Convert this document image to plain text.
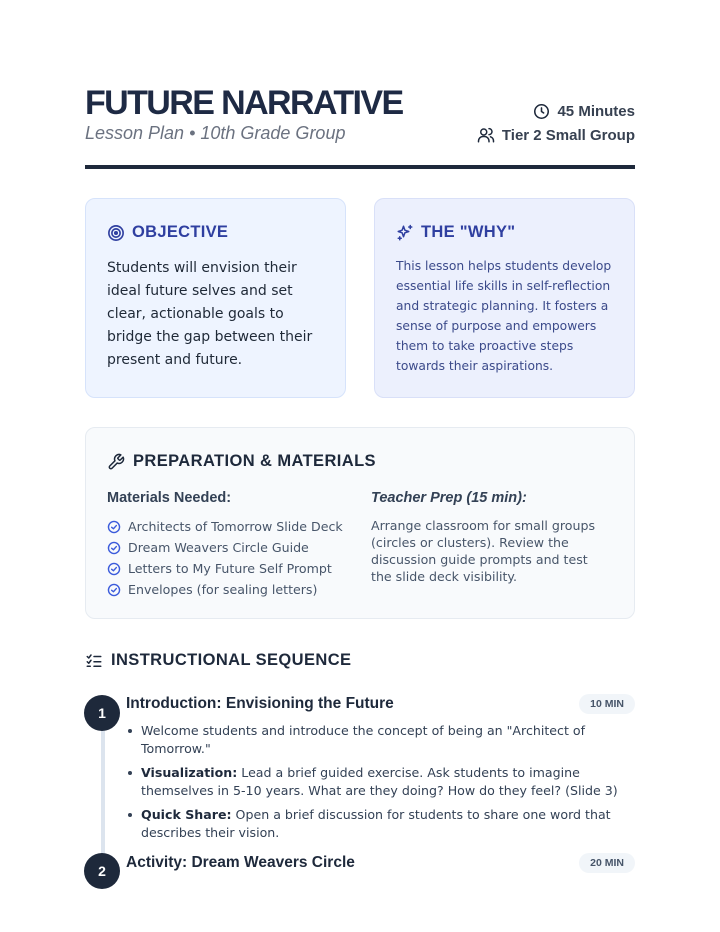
FUTURE NARRATIVE
Lesson Plan • 10th Grade Group
45 Minutes
Tier 2 Small Group
OBJECTIVE
Students will envision their ideal future selves and set clear, actionable goals to bridge the gap between their present and future.
THE "WHY"
This lesson helps students develop essential life skills in self-reflection and strategic planning. It fosters a sense of purpose and empowers them to take proactive steps towards their aspirations.
PREPARATION & MATERIALS
Materials Needed:
Architects of Tomorrow Slide Deck
Dream Weavers Circle Guide
Letters to My Future Self Prompt
Envelopes (for sealing letters)
Teacher Prep (15 min):
Arrange classroom for small groups (circles or clusters). Review the discussion guide prompts and test the slide deck visibility.
INSTRUCTIONAL SEQUENCE
1
Introduction: Envisioning the Future	10 MIN
Welcome students and introduce the concept of being an "Architect of Tomorrow."
Visualization: Lead a brief guided exercise. Ask students to imagine themselves in 5-10 years. What are they doing? How do they feel? (Slide 3)
Quick Share: Open a brief discussion for students to share one word that describes their vision.
2	Activity: Dream Weavers Circle	20 MIN
